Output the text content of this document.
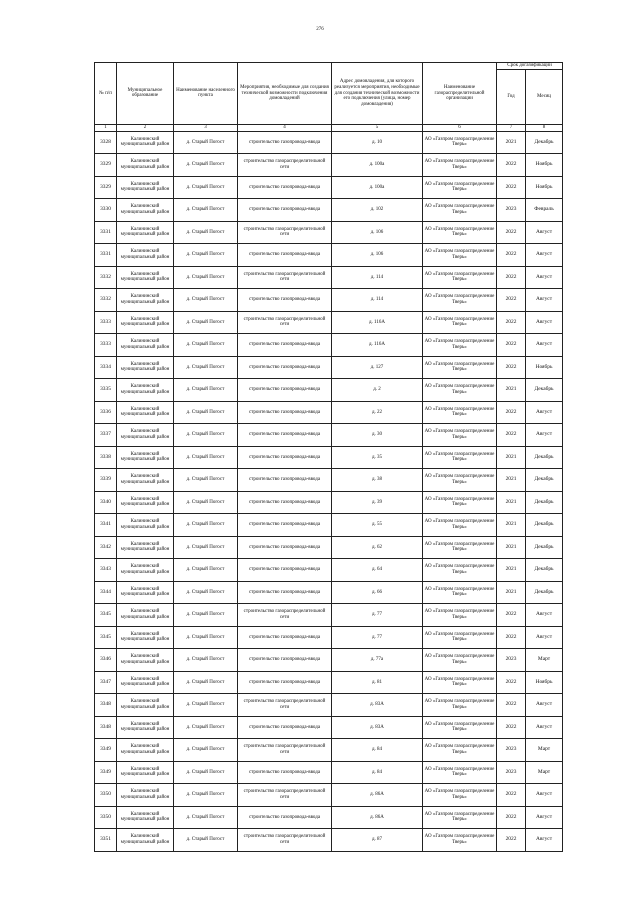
276
№ п/п	Муниципальное образование	Наименование населенного пункта	Мероприятия, необходимые для создания технической возможности подключения домовладений	Адрес домовладения, для которого реализуется мероприятия, необходимые для создания технической возможности его подключения (улица, номер домовладения)	Наименование газораспределительной организации	Срок догазификации	
						Год	Месяц
1	2	3	4	5	6	7	8
3328	Калининский муниципальный район	д. Старый Погост	строительство газопровода-ввода	д. 10	АО «Газпром газораспределение Тверь»	2021	Декабрь
3329	Калининский муниципальный район	д. Старый Погост	строительство газораспределительной сети	д. 100а	АО «Газпром газораспределение Тверь»	2022	Ноябрь
3329	Калининский муниципальный район	д. Старый Погост	строительство газопровода-ввода	д. 100а	АО «Газпром газораспределение Тверь»	2022	Ноябрь
3330	Калининский муниципальный район	д. Старый Погост	строительство газопровода-ввода	д. 102	АО «Газпром газораспределение Тверь»	2023	Февраль
3331	Калининский муниципальный район	д. Старый Погост	строительство газораспределительной сети	д. 106	АО «Газпром газораспределение Тверь»	2022	Август
3331	Калининский муниципальный район	д. Старый Погост	строительство газопровода-ввода	д. 106	АО «Газпром газораспределение Тверь»	2022	Август
3332	Калининский муниципальный район	д. Старый Погост	строительство газораспределительной сети	д. 114	АО «Газпром газораспределение Тверь»	2022	Август
3332	Калининский муниципальный район	д. Старый Погост	строительство газопровода-ввода	д. 114	АО «Газпром газораспределение Тверь»	2022	Август
3333	Калининский муниципальный район	д. Старый Погост	строительство газораспределительной сети	д. 116А	АО «Газпром газораспределение Тверь»	2022	Август
3333	Калининский муниципальный район	д. Старый Погост	строительство газопровода-ввода	д. 116А	АО «Газпром газораспределение Тверь»	2022	Август
3334	Калининский муниципальный район	д. Старый Погост	строительство газопровода-ввода	д. 127	АО «Газпром газораспределение Тверь»	2022	Ноябрь
3335	Калининский муниципальный район	д. Старый Погост	строительство газопровода-ввода	д. 2	АО «Газпром газораспределение Тверь»	2021	Декабрь
3336	Калининский муниципальный район	д. Старый Погост	строительство газопровода-ввода	д. 22	АО «Газпром газораспределение Тверь»	2022	Август
3337	Калининский муниципальный район	д. Старый Погост	строительство газопровода-ввода	д. 30	АО «Газпром газораспределение Тверь»	2022	Август
3338	Калининский муниципальный район	д. Старый Погост	строительство газопровода-ввода	д. 35	АО «Газпром газораспределение Тверь»	2021	Декабрь
3339	Калининский муниципальный район	д. Старый Погост	строительство газопровода-ввода	д. 38	АО «Газпром газораспределение Тверь»	2021	Декабрь
3340	Калининский муниципальный район	д. Старый Погост	строительство газопровода-ввода	д. 39	АО «Газпром газораспределение Тверь»	2021	Декабрь
3341	Калининский муниципальный район	д. Старый Погост	строительство газопровода-ввода	д. 55	АО «Газпром газораспределение Тверь»	2021	Декабрь
3342	Калининский муниципальный район	д. Старый Погост	строительство газопровода-ввода	д. 62	АО «Газпром газораспределение Тверь»	2021	Декабрь
3343	Калининский муниципальный район	д. Старый Погост	строительство газопровода-ввода	д. 64	АО «Газпром газораспределение Тверь»	2021	Декабрь
3344	Калининский муниципальный район	д. Старый Погост	строительство газопровода-ввода	д. 66	АО «Газпром газораспределение Тверь»	2021	Декабрь
3345	Калининский муниципальный район	д. Старый Погост	строительство газораспределительной сети	д. 77	АО «Газпром газораспределение Тверь»	2022	Август
3345	Калининский муниципальный район	д. Старый Погост	строительство газопровода-ввода	д. 77	АО «Газпром газораспределение Тверь»	2022	Август
3346	Калининский муниципальный район	д. Старый Погост	строительство газопровода-ввода	д. 77а	АО «Газпром газораспределение Тверь»	2023	Март
3347	Калининский муниципальный район	д. Старый Погост	строительство газопровода-ввода	д. 81	АО «Газпром газораспределение Тверь»	2022	Ноябрь
3348	Калининский муниципальный район	д. Старый Погост	строительство газораспределительной сети	д. 83А	АО «Газпром газораспределение Тверь»	2022	Август
3348	Калининский муниципальный район	д. Старый Погост	строительство газопровода-ввода	д. 83А	АО «Газпром газораспределение Тверь»	2022	Август
3349	Калининский муниципальный район	д. Старый Погост	строительство газораспределительной сети	д. 84	АО «Газпром газораспределение Тверь»	2023	Март
3349	Калининский муниципальный район	д. Старый Погост	строительство газопровода-ввода	д. 84	АО «Газпром газораспределение Тверь»	2023	Март
3350	Калининский муниципальный район	д. Старый Погост	строительство газораспределительной сети	д. 86А	АО «Газпром газораспределение Тверь»	2022	Август
3350	Калининский муниципальный район	д. Старый Погост	строительство газопровода-ввода	д. 86А	АО «Газпром газораспределение Тверь»	2022	Август
3351	Калининский муниципальный район	д. Старый Погост	строительство газораспределительной сети	д. 87	АО «Газпром газораспределение Тверь»	2022	Август
